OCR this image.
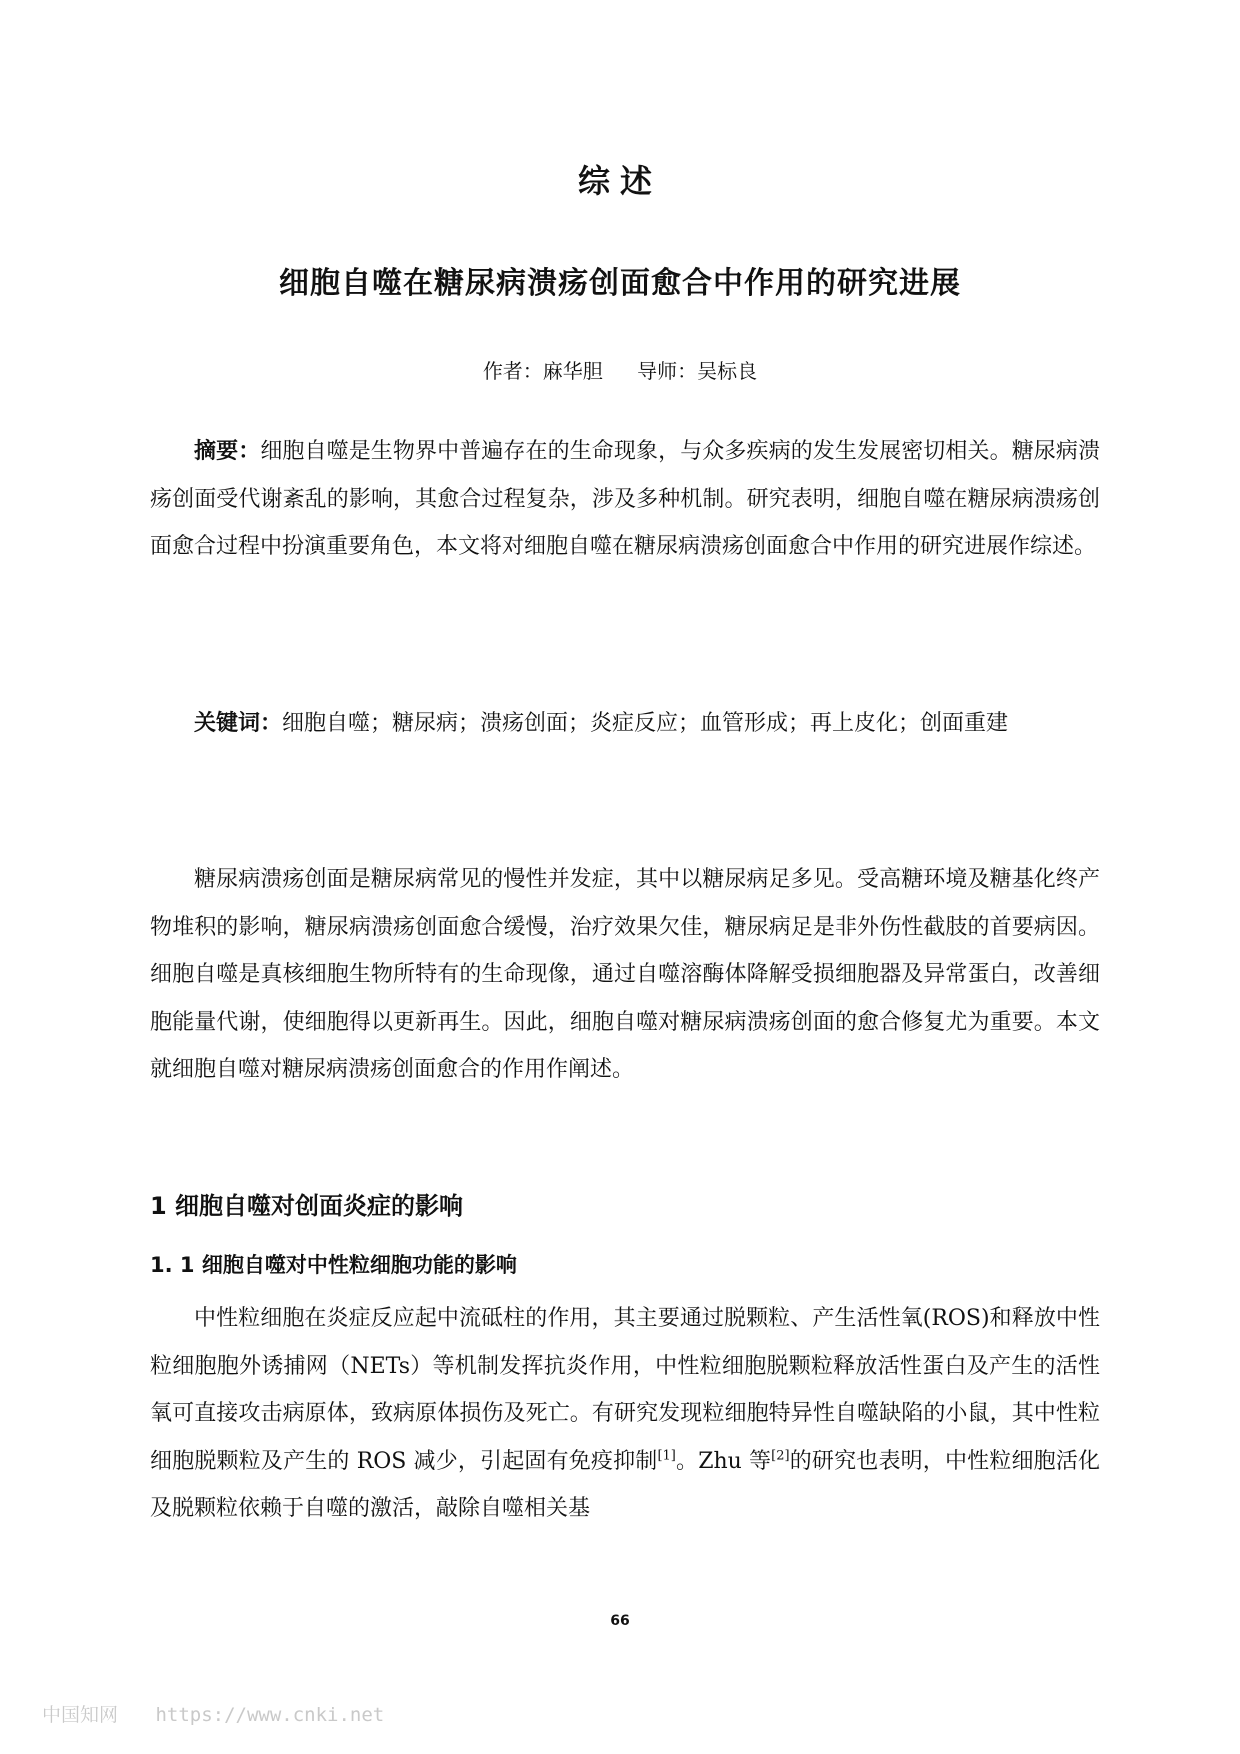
综述
细胞自噬在糖尿病溃疡创面愈合中作用的研究进展
作者：麻华胆 导师：吴标良

摘要：细胞自噬是生物界中普遍存在的生命现象，与众多疾病的发生发展密切相关。糖尿病溃疡创面受代谢紊乱的影响，其愈合过程复杂，涉及多种机制。研究表明，细胞自噬在糖尿病溃疡创面愈合过程中扮演重要角色，本文将对细胞自噬在糖尿病溃疡创面愈合中作用的研究进展作综述。

关键词：细胞自噬；糖尿病；溃疡创面；炎症反应；血管形成；再上皮化；创面重建

糖尿病溃疡创面是糖尿病常见的慢性并发症，其中以糖尿病足多见。受高糖环境及糖基化终产物堆积的影响，糖尿病溃疡创面愈合缓慢，治疗效果欠佳，糖尿病足是非外伤性截肢的首要病因。细胞自噬是真核细胞生物所特有的生命现像，通过自噬溶酶体降解受损细胞器及异常蛋白，改善细胞能量代谢，使细胞得以更新再生。因此，细胞自噬对糖尿病溃疡创面的愈合修复尤为重要。本文就细胞自噬对糖尿病溃疡创面愈合的作用作阐述。

1 细胞自噬对创面炎症的影响
1. 1 细胞自噬对中性粒细胞功能的影响

中性粒细胞在炎症反应起中流砥柱的作用，其主要通过脱颗粒、产生活性氧(ROS)和释放中性粒细胞胞外诱捕网（NETs）等机制发挥抗炎作用，中性粒细胞脱颗粒释放活性蛋白及产生的活性氧可直接攻击病原体，致病原体损伤及死亡。有研究发现粒细胞特异性自噬缺陷的小鼠，其中性粒细胞脱颗粒及产生的 ROS 减少，引起固有免疫抑制[1]。Zhu 等[2]的研究也表明，中性粒细胞活化及脱颗粒依赖于自噬的激活，敲除自噬相关基

66
中国知网 https://www.cnki.net
